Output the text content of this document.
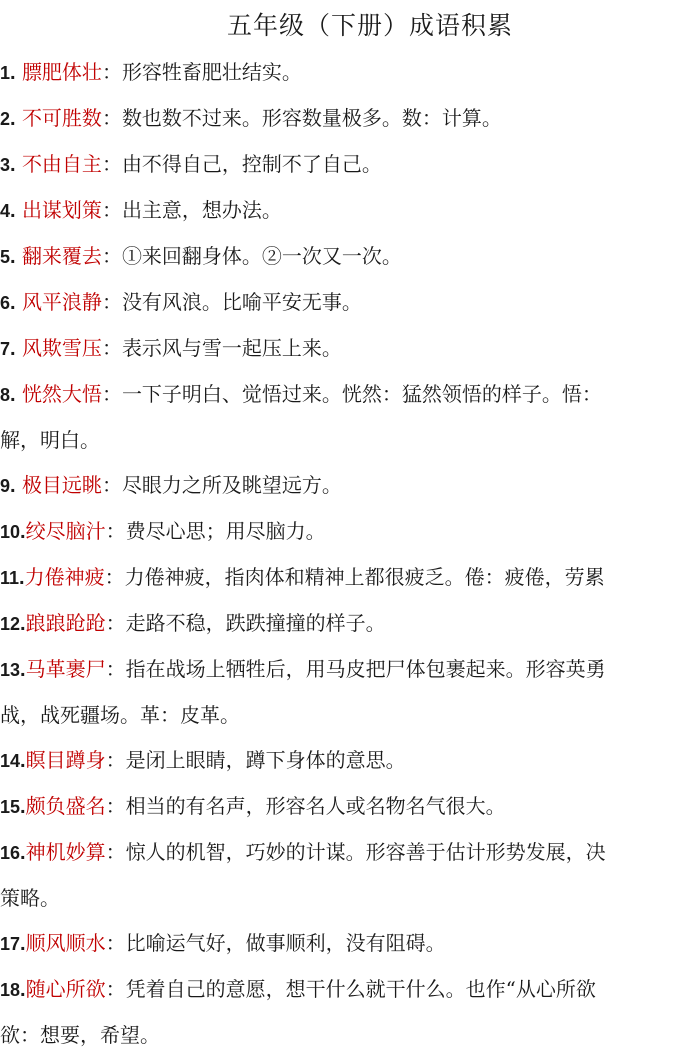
五年级（下册）成语积累
1. 膘肥体壮：形容牲畜肥壮结实。
2. 不可胜数：数也数不过来。形容数量极多。数：计算。
3. 不由自主：由不得自己，控制不了自己。
4. 出谋划策：出主意，想办法。
5. 翻来覆去：①来回翻身体。②一次又一次。
6. 风平浪静：没有风浪。比喻平安无事。
7. 风欺雪压：表示风与雪一起压上来。
8. 恍然大悟：一下子明白、觉悟过来。恍然：猛然领悟的样子。悟：
解，明白。
9. 极目远眺：尽眼力之所及眺望远方。
10.绞尽脑汁：费尽心思；用尽脑力。
11.力倦神疲：力倦神疲，指肉体和精神上都很疲乏。倦：疲倦，劳累
12.踉踉跄跄：走路不稳，跌跌撞撞的样子。
13.马革裹尸：指在战场上牺牲后，用马皮把尸体包裹起来。形容英勇
战，战死疆场。革：皮革。
14.瞑目蹲身：是闭上眼睛，蹲下身体的意思。
15.颇负盛名：相当的有名声，形容名人或名物名气很大。
16.神机妙算：惊人的机智，巧妙的计谋。形容善于估计形势发展，决
策略。
17.顺风顺水：比喻运气好，做事顺利，没有阻碍。
18.随心所欲：凭着自己的意愿，想干什么就干什么。也作“从心所欲
欲：想要，希望。
